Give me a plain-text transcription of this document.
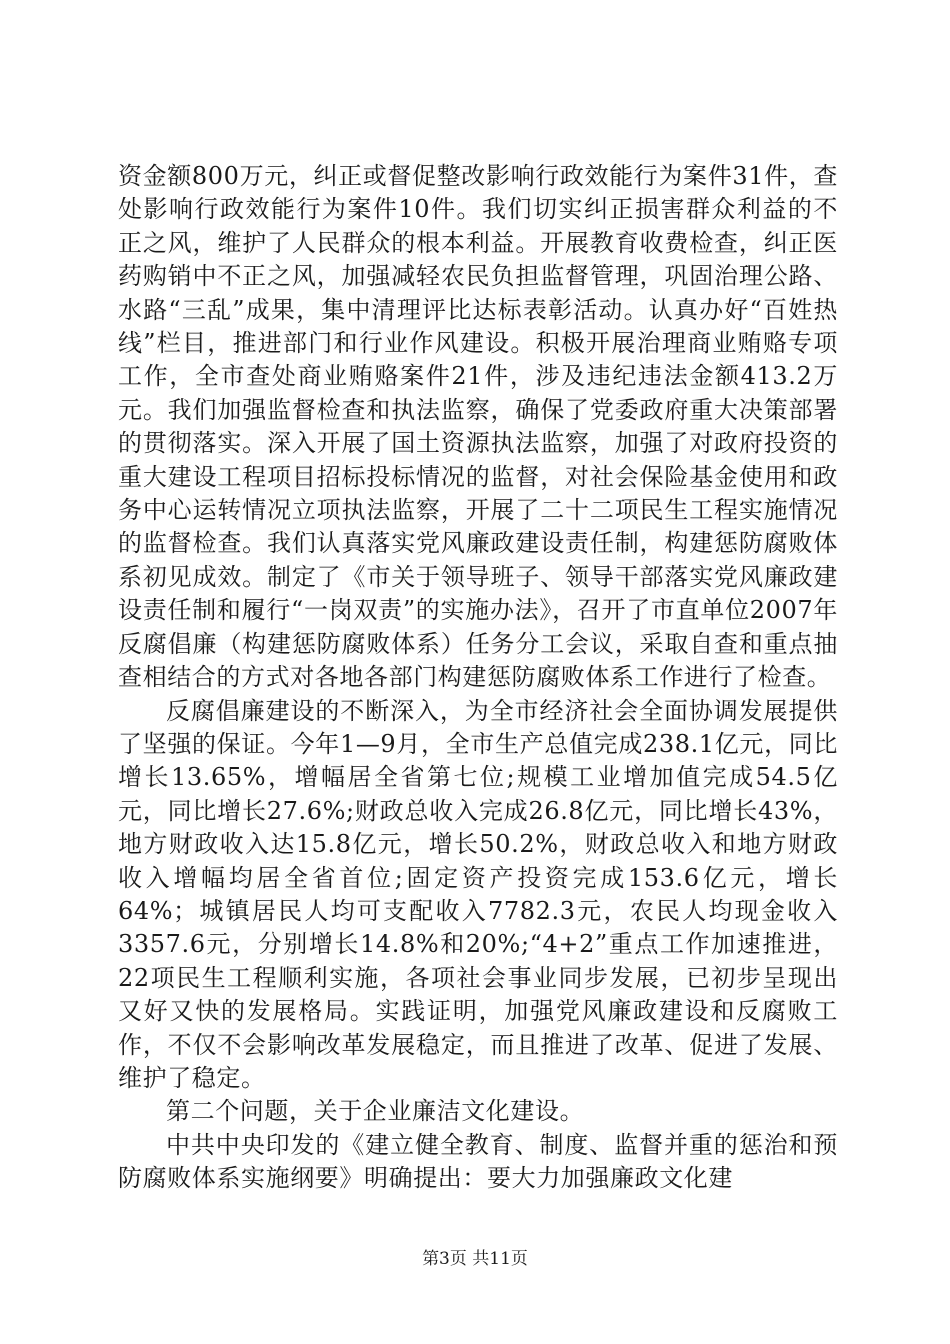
资金额800万元，纠正或督促整改影响行政效能行为案件31件，查处影响行政效能行为案件10件。我们切实纠正损害群众利益的不正之风，维护了人民群众的根本利益。开展教育收费检查，纠正医药购销中不正之风，加强减轻农民负担监督管理，巩固治理公路、水路“三乱”成果，集中清理评比达标表彰活动。认真办好“百姓热线”栏目，推进部门和行业作风建设。积极开展治理商业贿赂专项工作，全市查处商业贿赂案件21件，涉及违纪违法金额413.2万元。我们加强监督检查和执法监察，确保了党委政府重大决策部署的贯彻落实。深入开展了国土资源执法监察，加强了对政府投资的重大建设工程项目招标投标情况的监督，对社会保险基金使用和政务中心运转情况立项执法监察，开展了二十二项民生工程实施情况的监督检查。我们认真落实党风廉政建设责任制，构建惩防腐败体系初见成效。制定了《市关于领导班子、领导干部落实党风廉政建设责任制和履行“一岗双责”的实施办法》，召开了市直单位2007年反腐倡廉（构建惩防腐败体系）任务分工会议，采取自查和重点抽查相结合的方式对各地各部门构建惩防腐败体系工作进行了检查。

反腐倡廉建设的不断深入，为全市经济社会全面协调发展提供了坚强的保证。今年1—9月，全市生产总值完成238.1亿元，同比增长13.65%，增幅居全省第七位;规模工业增加值完成54.5亿元，同比增长27.6%;财政总收入完成26.8亿元，同比增长43%，地方财政收入达15.8亿元，增长50.2%，财政总收入和地方财政收入增幅均居全省首位;固定资产投资完成153.6亿元，增长64%；城镇居民人均可支配收入7782.3元，农民人均现金收入3357.6元，分别增长14.8%和20%;“4+2”重点工作加速推进，22项民生工程顺利实施，各项社会事业同步发展，已初步呈现出又好又快的发展格局。实践证明，加强党风廉政建设和反腐败工作，不仅不会影响改革发展稳定，而且推进了改革、促进了发展、维护了稳定。

第二个问题，关于企业廉洁文化建设。

中共中央印发的《建立健全教育、制度、监督并重的惩治和预防腐败体系实施纲要》明确提出：要大力加强廉政文化建

第3页 共11页
